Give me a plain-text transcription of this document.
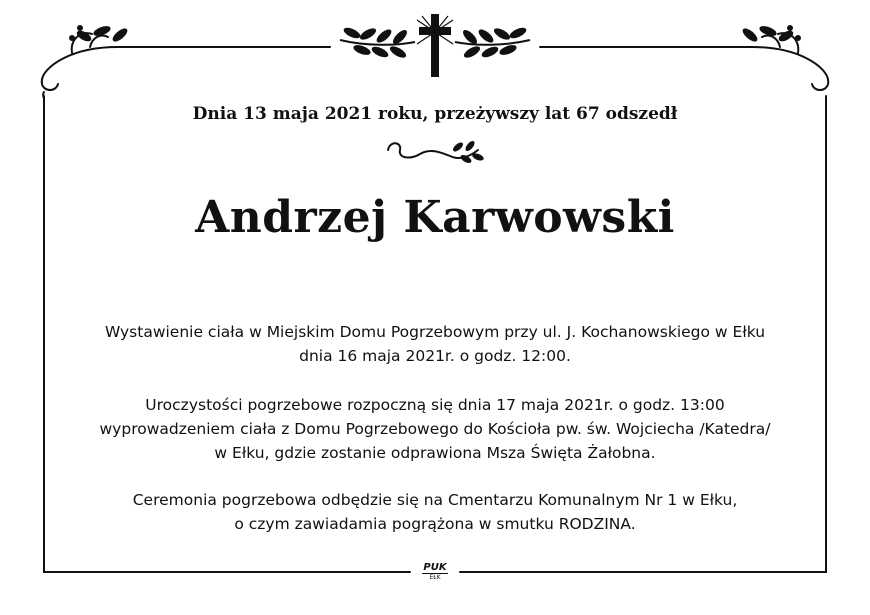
Dnia 13 maja 2021 roku, przeżywszy lat 67 odszedł
Andrzej Karwowski
Wystawienie ciała w Miejskim Domu Pogrzebowym przy ul. J. Kochanowskiego w Ełku
dnia 16 maja 2021r. o godz. 12:00.
Uroczystości pogrzebowe rozpoczną się dnia 17 maja 2021r. o godz. 13:00
wyprowadzeniem ciała z Domu Pogrzebowego do Kościoła pw. św. Wojciecha /Katedra/
w Ełku, gdzie zostanie odprawiona Msza Święta Żałobna.
Ceremonia pogrzebowa odbędzie się na Cmentarzu Komunalnym Nr 1 w Ełku,
o czym zawiadamia pogrążona w smutku RODZINA.
PUK
EŁK
